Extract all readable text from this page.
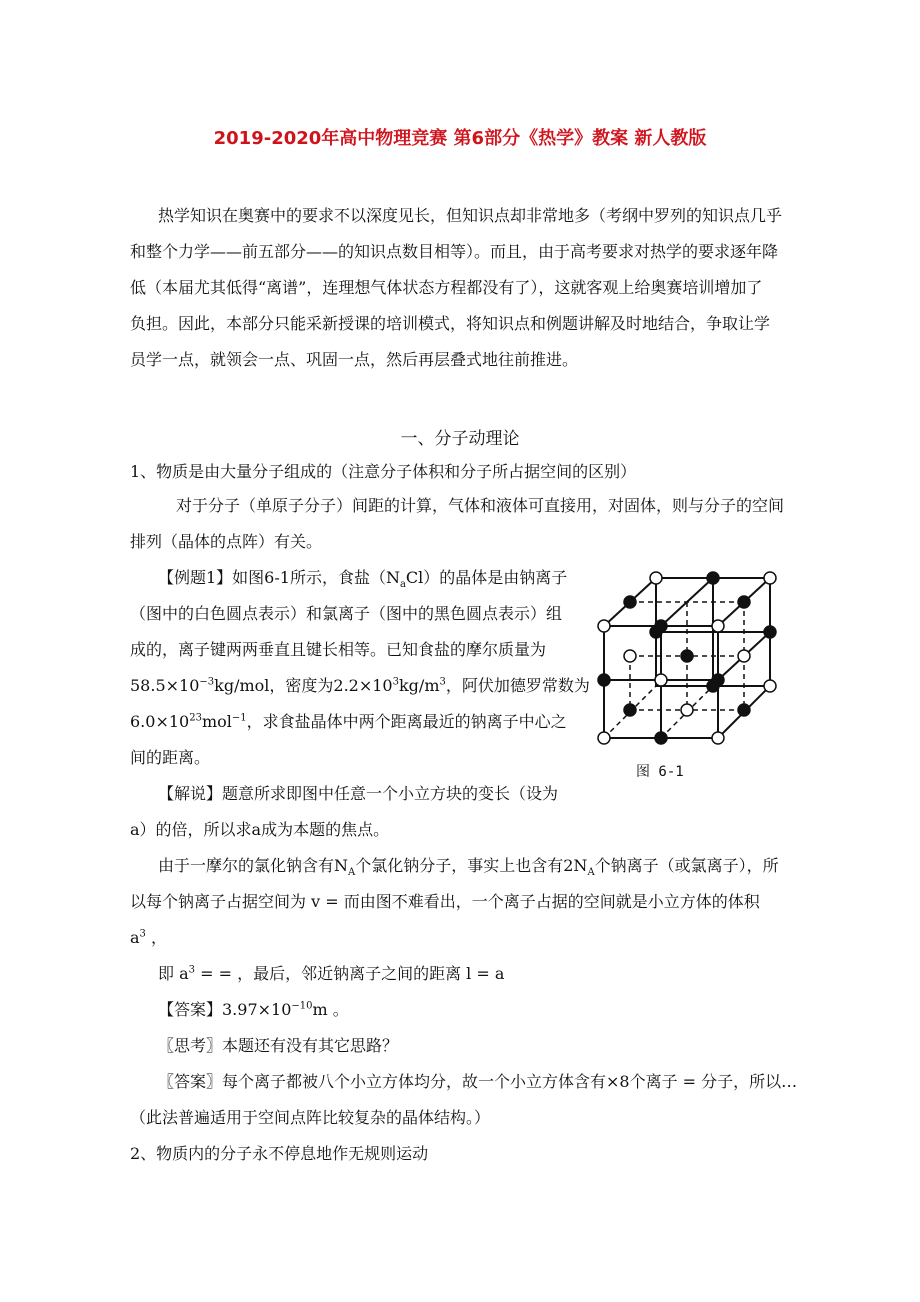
2019-2020年高中物理竞赛 第6部分《热学》教案 新人教版
热学知识在奥赛中的要求不以深度见长，但知识点却非常地多（考纲中罗列的知识点几乎
和整个力学——前五部分——的知识点数目相等）。而且，由于高考要求对热学的要求逐年降
低（本届尤其低得“离谱”，连理想气体状态方程都没有了），这就客观上给奥赛培训增加了
负担。因此，本部分只能采新授课的培训模式，将知识点和例题讲解及时地结合，争取让学
员学一点，就领会一点、巩固一点，然后再层叠式地往前推进。
一、分子动理论
1、物质是由大量分子组成的（注意分子体积和分子所占据空间的区别）
对于分子（单原子分子）间距的计算，气体和液体可直接用，对固体，则与分子的空间
排列（晶体的点阵）有关。
【例题1】如图6-1所示，食盐$(N_aCl)$的晶体是由钠离子
（图中的白色圆点表示）和氯离子（图中的黑色圆点表示）组
成的，离子键两两垂直且键长相等。已知食盐的摩尔质量为
$58.5\times 10^{-3}kg$/mol，密度为$2.2\times 10^3kg/m^3$，阿伏加德罗常数为
$6.0\times 10^{23}mol^{-1}$，求食盐晶体中两个距离最近的钠离子中心之
间的距离。
图 6-1
【解说】题意所求即图中任意一个小立方块的变长（设为
a）的倍，所以求a成为本题的焦点。
由于一摩尔的氯化钠含有$N_A$个氯化钠分子，事实上也含有$2N_A$个钠离子（或氯离子），所
以每个钠离子占据空间为 v = 而由图不难看出，一个离子占据的空间就是小立方体的体积
$a^3$ ，
即 $a^3$ = = ，最后，邻近钠离子之间的距离 l = a
【答案】$3.97\times 10^{-10}m$ 。
〖思考〗本题还有没有其它思路？
〖答案〗每个离子都被八个小立方体均分，故一个小立方体含有×8个离子 = 分子，所以…
（此法普遍适用于空间点阵比较复杂的晶体结构。）
2、物质内的分子永不停息地作无规则运动
